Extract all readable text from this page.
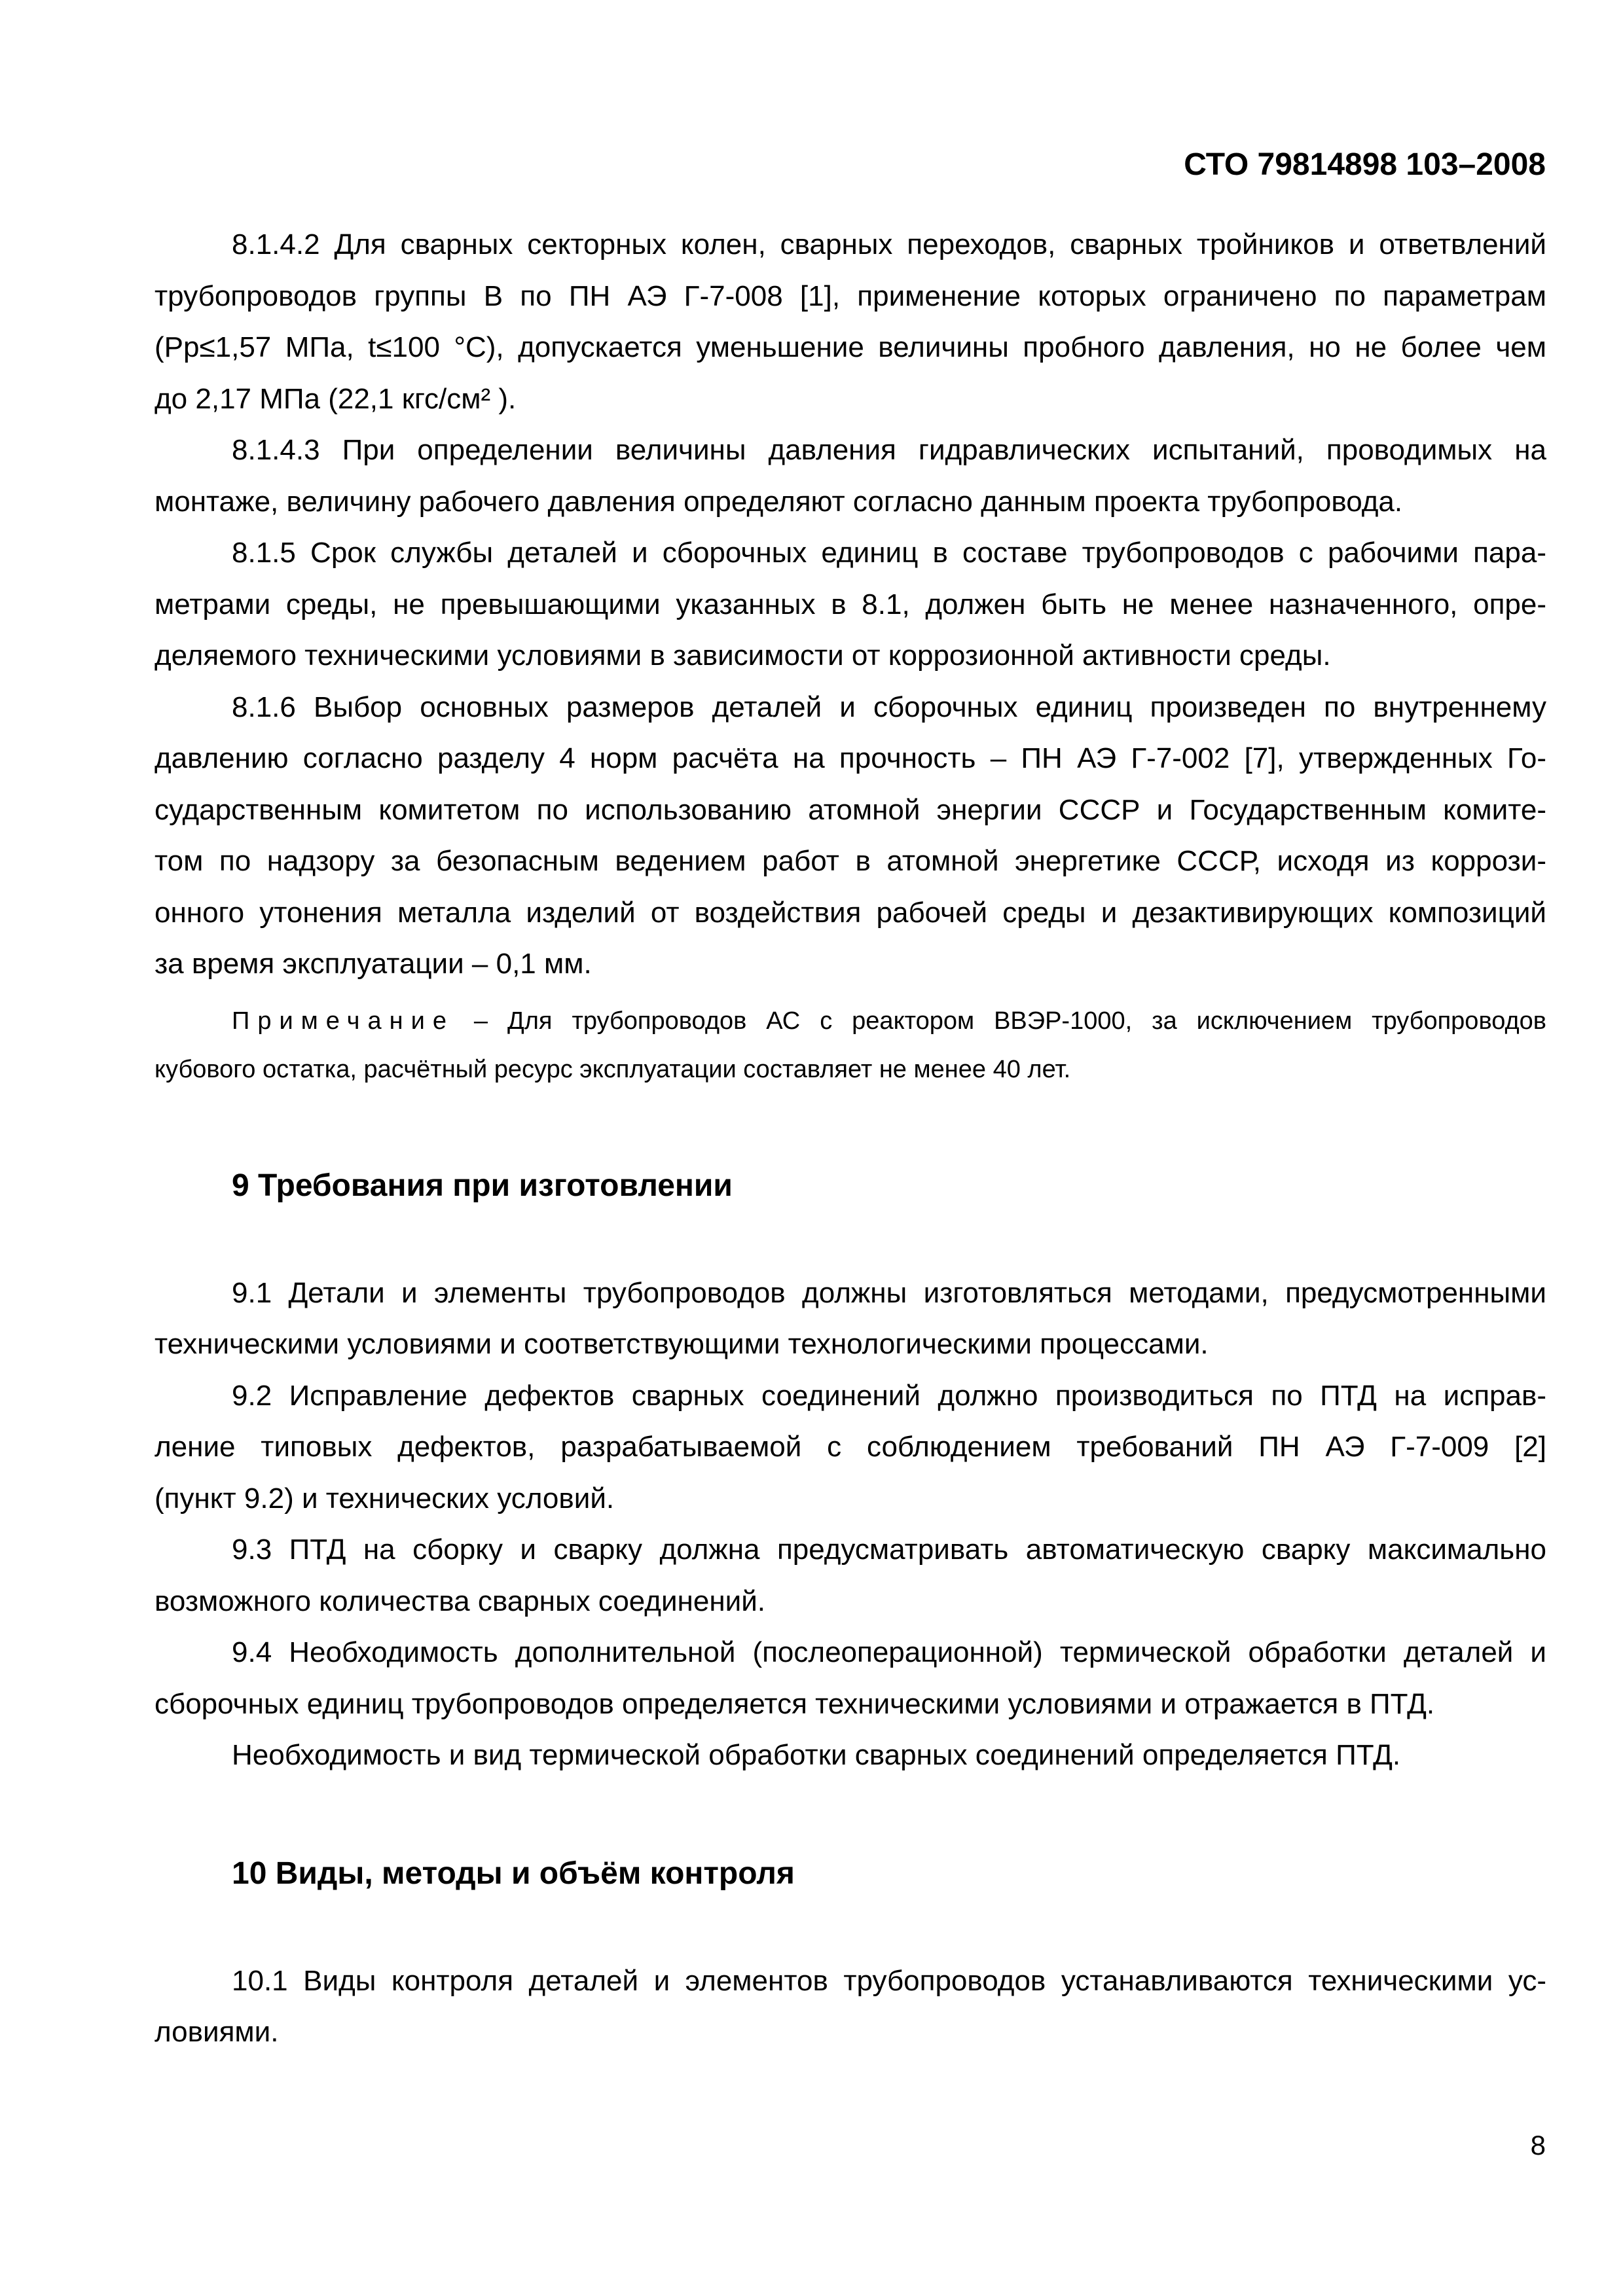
СТО 79814898 103–2008
8.1.4.2 Для сварных секторных колен, сварных переходов, сварных тройников и ответвлений
трубопроводов группы В по ПН АЭ Г-7-008 [1], применение которых ограничено по параметрам
(Рр≤1,57 МПа, t≤100 °С), допускается уменьшение величины пробного давления, но не более чем
до 2,17 МПа (22,1 кгс/см² ).
8.1.4.3 При определении величины давления гидравлических испытаний, проводимых на
монтаже, величину рабочего давления определяют согласно данным проекта трубопровода.
8.1.5 Срок службы деталей и сборочных единиц в составе трубопроводов с рабочими пара-
метрами среды, не превышающими указанных в 8.1, должен быть не менее назначенного, опре-
деляемого техническими условиями в зависимости от коррозионной активности среды.
8.1.6 Выбор основных размеров деталей и сборочных единиц произведен по внутреннему
давлению согласно разделу 4 норм расчёта на прочность – ПН АЭ Г-7-002 [7], утвержденных Го-
сударственным комитетом по использованию атомной энергии СССР и Государственным комите-
том по надзору за безопасным ведением работ в атомной энергетике СССР, исходя из коррози-
онного утонения металла изделий от воздействия рабочей среды и дезактивирующих композиций
за время эксплуатации – 0,1 мм.
Примечание – Для трубопроводов АС с реактором ВВЭР-1000, за исключением трубопроводов
кубового остатка, расчётный ресурс эксплуатации составляет не менее 40 лет.
9 Требования при изготовлении
9.1 Детали и элементы трубопроводов должны изготовляться методами, предусмотренными
техническими условиями и соответствующими технологическими процессами.
9.2 Исправление дефектов сварных соединений должно производиться по ПТД на исправ-
ление типовых дефектов, разрабатываемой с соблюдением требований ПН АЭ Г-7-009 [2]
(пункт 9.2) и технических условий.
9.3 ПТД на сборку и сварку должна предусматривать автоматическую сварку максимально
возможного количества сварных соединений.
9.4 Необходимость дополнительной (послеоперационной) термической обработки деталей и
сборочных единиц трубопроводов определяется техническими условиями и отражается в ПТД.
Необходимость и вид термической обработки сварных соединений определяется ПТД.
10 Виды, методы и объём контроля
10.1 Виды контроля деталей и элементов трубопроводов устанавливаются техническими ус-
ловиями.
8
